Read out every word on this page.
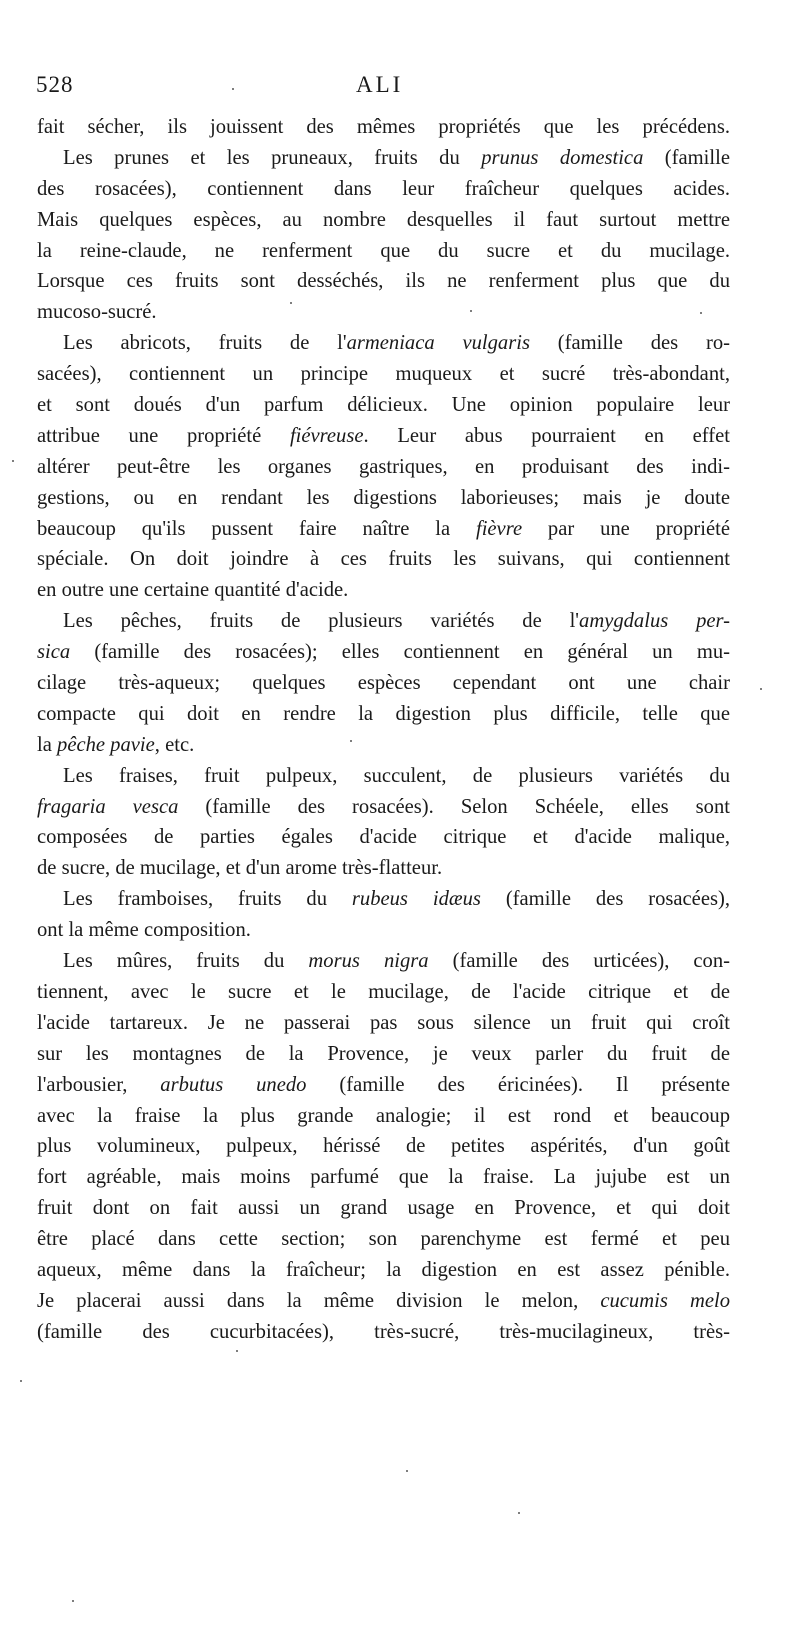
528	ALI
fait sécher, ils jouissent des mêmes propriétés que les précédens.
Les prunes et les pruneaux, fruits du prunus domestica (famille
des rosacées), contiennent dans leur fraîcheur quelques acides.
Mais quelques espèces, au nombre desquelles il faut surtout mettre
la reine-claude, ne renferment que du sucre et du mucilage.
Lorsque ces fruits sont desséchés, ils ne renferment plus que du
mucoso-sucré.
Les abricots, fruits de l'armeniaca vulgaris (famille des ro-
sacées), contiennent un principe muqueux et sucré très-abondant,
et sont doués d'un parfum délicieux. Une opinion populaire leur
attribue une propriété fiévreuse. Leur abus pourraient en effet
altérer peut-être les organes gastriques, en produisant des indi-
gestions, ou en rendant les digestions laborieuses; mais je doute
beaucoup qu'ils pussent faire naître la fièvre par une propriété
spéciale. On doit joindre à ces fruits les suivans, qui contiennent
en outre une certaine quantité d'acide.
Les pêches, fruits de plusieurs variétés de l'amygdalus per-
sica (famille des rosacées); elles contiennent en général un mu-
cilage très-aqueux; quelques espèces cependant ont une chair
compacte qui doit en rendre la digestion plus difficile, telle que
la pêche pavie, etc.
Les fraises, fruit pulpeux, succulent, de plusieurs variétés du
fragaria vesca (famille des rosacées). Selon Schéele, elles sont
composées de parties égales d'acide citrique et d'acide malique,
de sucre, de mucilage, et d'un arome très-flatteur.
Les framboises, fruits du rubeus idæus (famille des rosacées),
ont la même composition.
Les mûres, fruits du morus nigra (famille des urticées), con-
tiennent, avec le sucre et le mucilage, de l'acide citrique et de
l'acide tartareux. Je ne passerai pas sous silence un fruit qui croît
sur les montagnes de la Provence, je veux parler du fruit de
l'arbousier, arbutus unedo (famille des éricinées). Il présente
avec la fraise la plus grande analogie; il est rond et beaucoup
plus volumineux, pulpeux, hérissé de petites aspérités, d'un goût
fort agréable, mais moins parfumé que la fraise. La jujube est un
fruit dont on fait aussi un grand usage en Provence, et qui doit
être placé dans cette section; son parenchyme est fermé et peu
aqueux, même dans la fraîcheur; la digestion en est assez pénible.
Je placerai aussi dans la même division le melon, cucumis melo
(famille des cucurbitacées), très-sucré, très-mucilagineux, très-
